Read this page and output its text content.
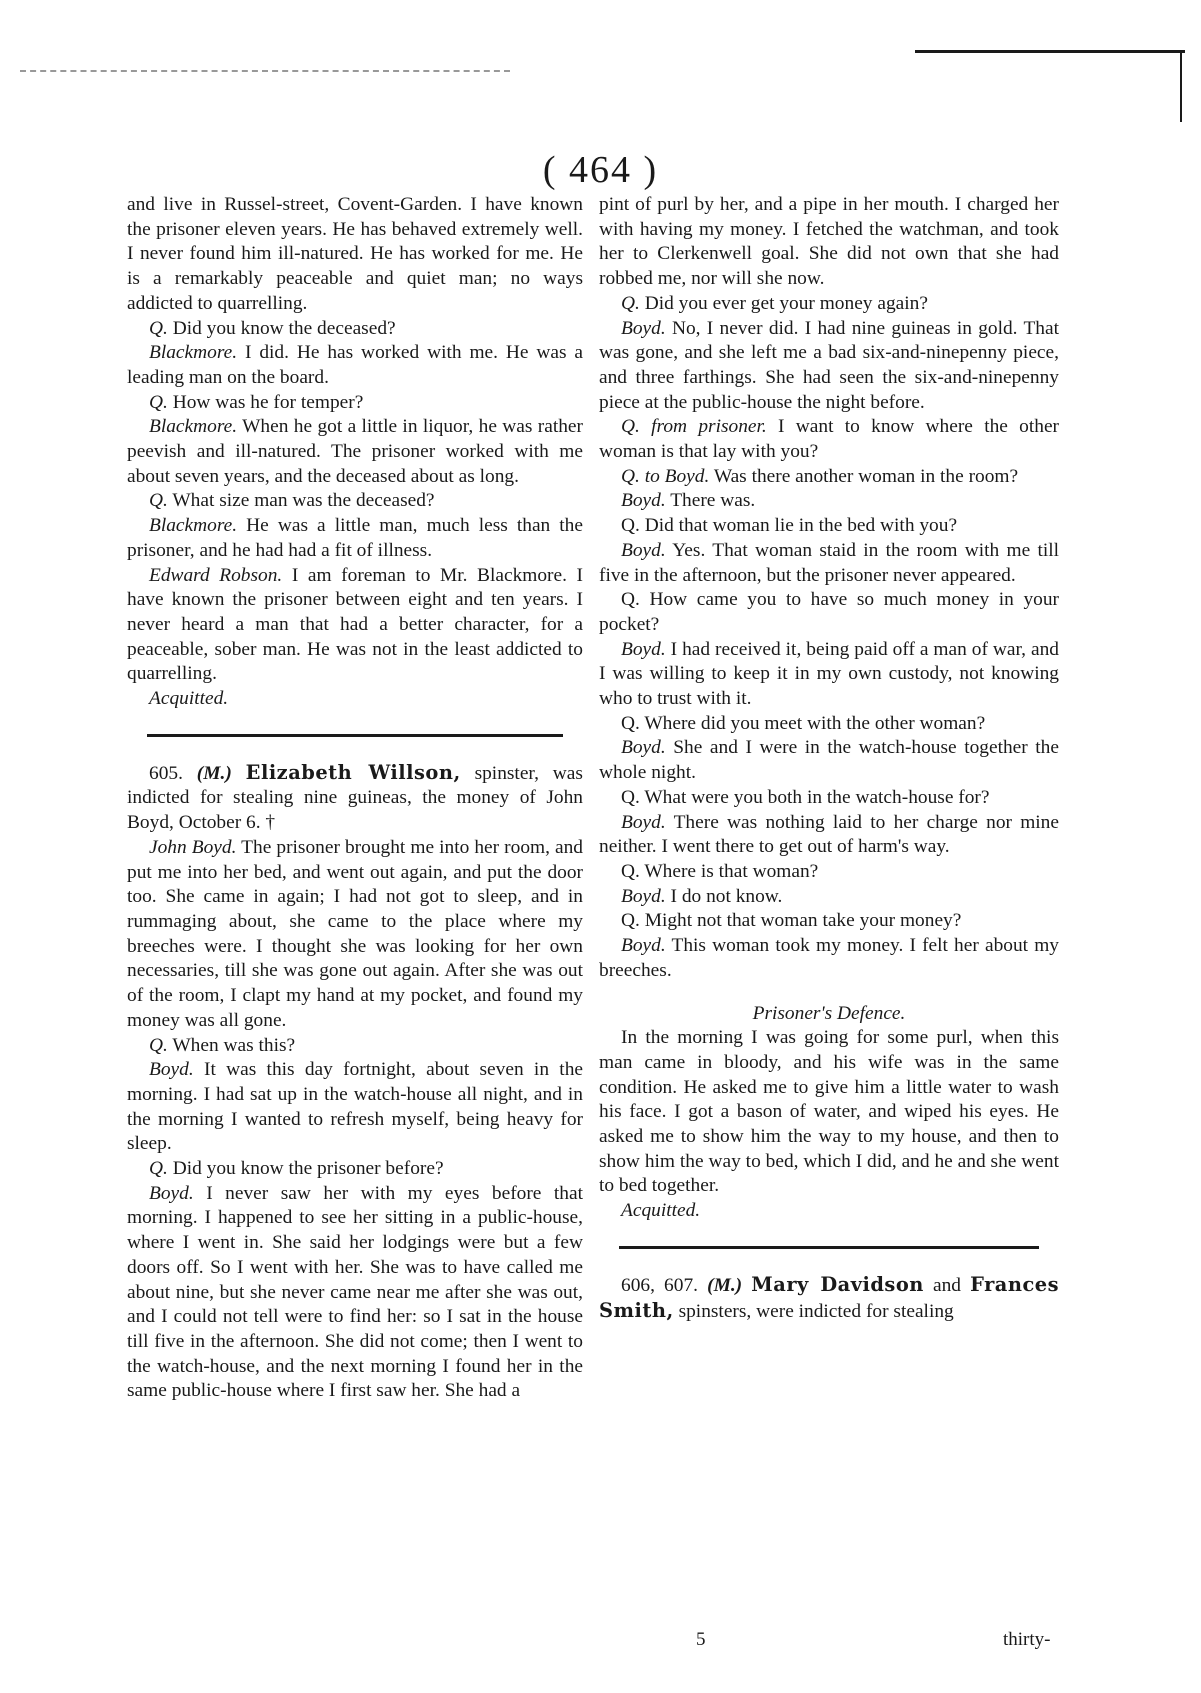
( 464 )

and live in Russel-street, Covent-Garden. I have known the prisoner eleven years. He has behaved extremely well. I never found him ill-natured. He has worked for me. He is a remarkably peaceable and quiet man; no ways addicted to quarrelling.

Q. Did you know the deceased?

Blackmore. I did. He has worked with me. He was a leading man on the board.

Q. How was he for temper?

Blackmore. When he got a little in liquor, he was rather peevish and ill-natured. The prisoner worked with me about seven years, and the deceased about as long.

Q. What size man was the deceased?

Blackmore. He was a little man, much less than the prisoner, and he had had a fit of illness.

Edward Robson. I am foreman to Mr. Blackmore. I have known the prisoner between eight and ten years. I never heard a man that had a better character, for a peaceable, sober man. He was not in the least addicted to quarrelling.

Acquitted.

605. (M.) Elizabeth Willson, spinster, was indicted for stealing nine guineas, the money of John Boyd, October 6. †

John Boyd. The prisoner brought me into her room, and put me into her bed, and went out again, and put the door too. She came in again; I had not got to sleep, and in rummaging about, she came to the place where my breeches were. I thought she was looking for her own necessaries, till she was gone out again. After she was out of the room, I clapt my hand at my pocket, and found my money was all gone.

Q. When was this?

Boyd. It was this day fortnight, about seven in the morning. I had sat up in the watch-house all night, and in the morning I wanted to refresh myself, being heavy for sleep.

Q. Did you know the prisoner before?

Boyd. I never saw her with my eyes before that morning. I happened to see her sitting in a public-house, where I went in. She said her lodgings were but a few doors off. So I went with her. She was to have called me about nine, but she never came near me after she was out, and I could not tell were to find her: so I sat in the house till five in the afternoon. She did not come; then I went to the watch-house, and the next morning I found her in the same public-house where I first saw her. She had a

pint of purl by her, and a pipe in her mouth. I charged her with having my money. I fetched the watchman, and took her to Clerkenwell goal. She did not own that she had robbed me, nor will she now.

Q. Did you ever get your money again?

Boyd. No, I never did. I had nine guineas in gold. That was gone, and she left me a bad six-and-ninepenny piece, and three farthings. She had seen the six-and-ninepenny piece at the public-house the night before.

Q. from prisoner. I want to know where the other woman is that lay with you?

Q. to Boyd. Was there another woman in the room?

Boyd. There was.

Q. Did that woman lie in the bed with you?

Boyd. Yes. That woman staid in the room with me till five in the afternoon, but the prisoner never appeared.

Q. How came you to have so much money in your pocket?

Boyd. I had received it, being paid off a man of war, and I was willing to keep it in my own custody, not knowing who to trust with it.

Q. Where did you meet with the other woman?

Boyd. She and I were in the watch-house together the whole night.

Q. What were you both in the watch-house for?

Boyd. There was nothing laid to her charge nor mine neither. I went there to get out of harm's way.

Q. Where is that woman?

Boyd. I do not know.

Q. Might not that woman take your money?

Boyd. This woman took my money. I felt her about my breeches.

Prisoner's Defence.

In the morning I was going for some purl, when this man came in bloody, and his wife was in the same condition. He asked me to give him a little water to wash his face. I got a bason of water, and wiped his eyes. He asked me to show him the way to my house, and then to show him the way to bed, which I did, and he and she went to bed together.

Acquitted.

606, 607. (M.) Mary Davidson and Frances Smith, spinsters, were indicted for stealing

5	thirty-
